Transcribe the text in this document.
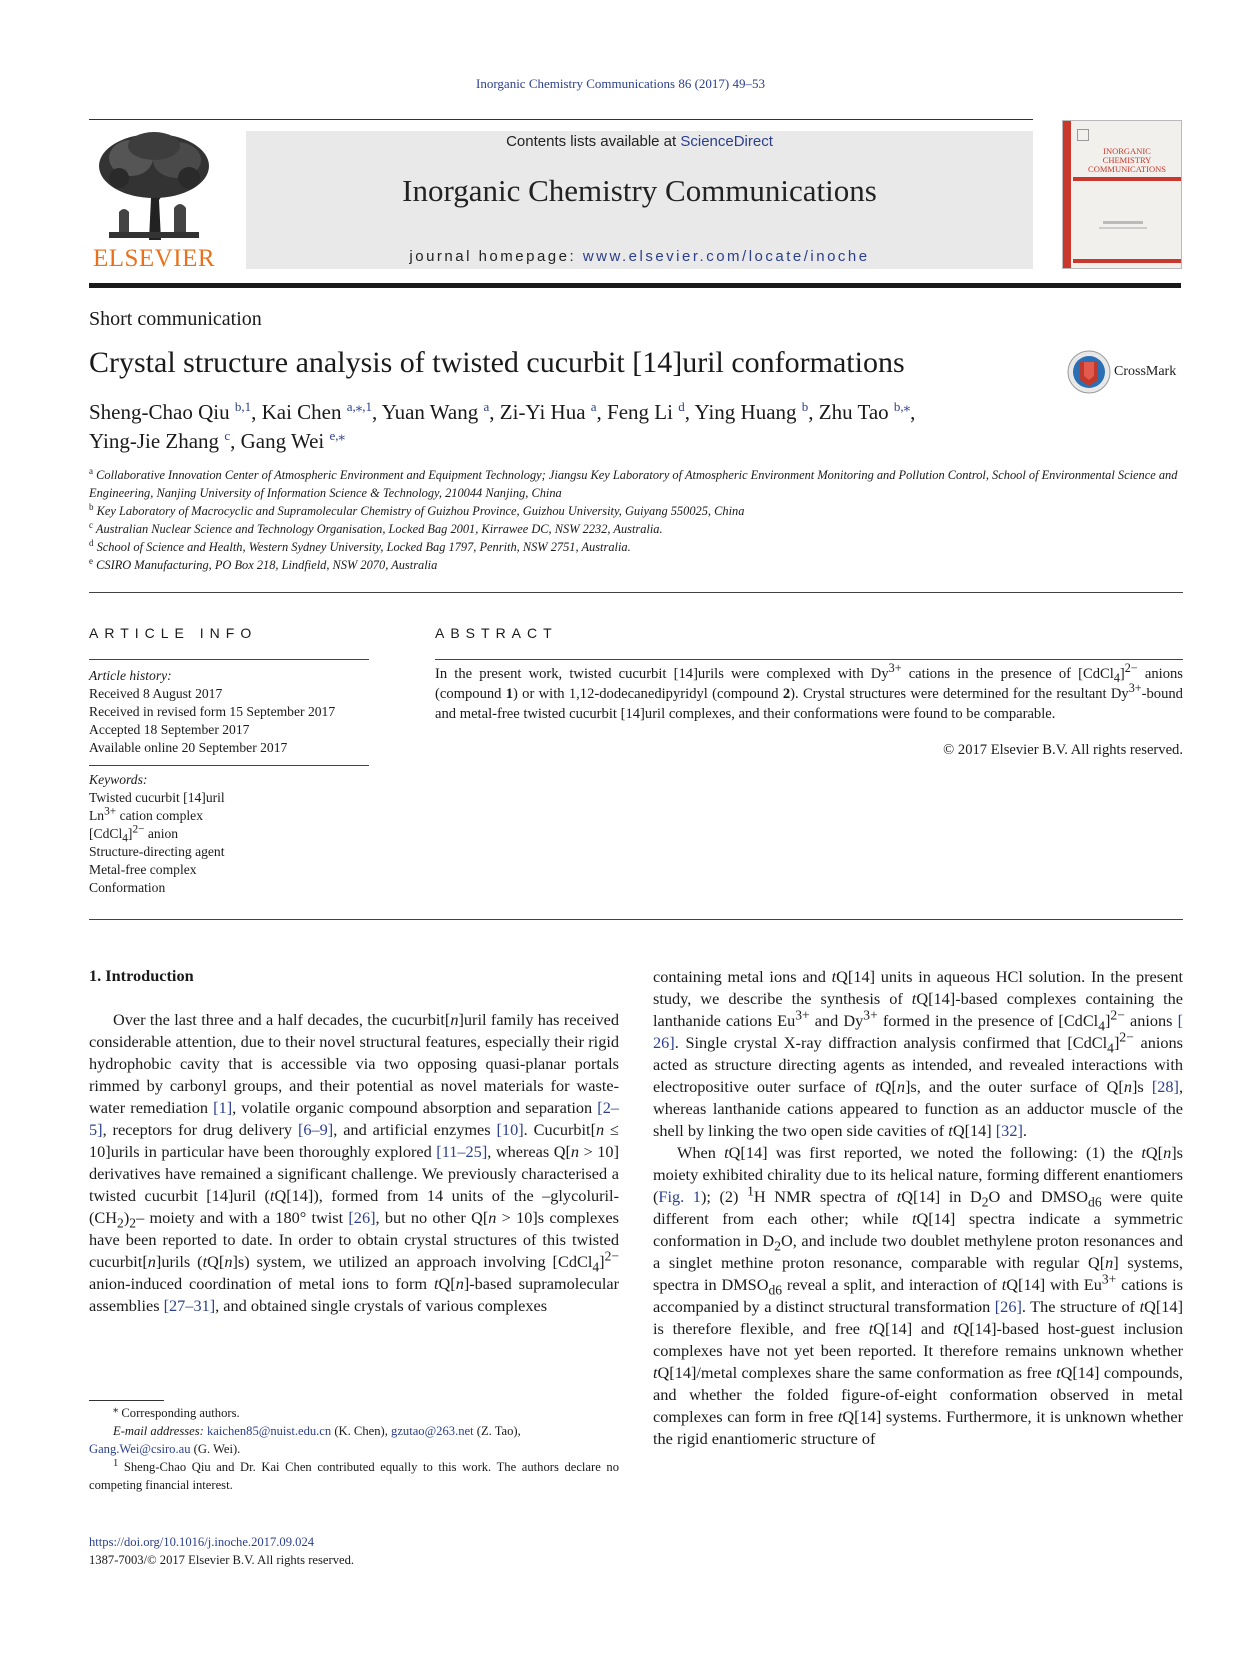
Inorganic Chemistry Communications 86 (2017) 49–53
ELSEVIER
Contents lists available at ScienceDirect
Inorganic Chemistry Communications
journal homepage: www.elsevier.com/locate/inoche
INORGANIC
CHEMISTRY
COMMUNICATIONS
Short communication
Crystal structure analysis of twisted cucurbit [14]uril conformations	CrossMark
Sheng-Chao Qiu $^{b,1}$, Kai Chen $^{a,⁎,1}$, Yuan Wang $^a$, Zi-Yi Hua $^a$, Feng Li $^d$, Ying Huang $^b$, Zhu Tao $^{b,⁎}$,
Ying-Jie Zhang $^c$, Gang Wei $^{e,⁎}$
$^a$ Collaborative Innovation Center of Atmospheric Environment and Equipment Technology; Jiangsu Key Laboratory of Atmospheric Environment Monitoring and Pollution Control, School of Environmental Science and Engineering, Nanjing University of Information Science & Technology, 210044 Nanjing, China
$^b$ Key Laboratory of Macrocyclic and Supramolecular Chemistry of Guizhou Province, Guizhou University, Guiyang 550025, China
$^c$ Australian Nuclear Science and Technology Organisation, Locked Bag 2001, Kirrawee DC, NSW 2232, Australia.
$^d$ School of Science and Health, Western Sydney University, Locked Bag 1797, Penrith, NSW 2751, Australia.
$^e$ CSIRO Manufacturing, PO Box 218, Lindfield, NSW 2070, Australia
ARTICLE INFO
Article history:
Received 8 August 2017
Received in revised form 15 September 2017
Accepted 18 September 2017
Available online 20 September 2017
Keywords:
Twisted cucurbit [14]uril
$Ln^{3+}$ cation complex
[CdCl$_4$]$^{2-}$ anion
Structure-directing agent
Metal-free complex
Conformation
ABSTRACT
In the present work, twisted cucurbit [14]urils were complexed with $Dy^{3+}$ cations in the presence of [CdCl$_4$]$^{2-}$ anions (compound 1) or with 1,12-dodecanedipyridyl (compound 2). Crystal structures were determined for the resultant $Dy^{3+}$-bound and metal-free twisted cucurbit [14]uril complexes, and their conformations were found to be comparable.
© 2017 Elsevier B.V. All rights reserved.
1. Introduction

Over the last three and a half decades, the cucurbit[n]uril family has received considerable attention, due to their novel structural features, especially their rigid hydrophobic cavity that is accessible via two opposing quasi-planar portals rimmed by carbonyl groups, and their potential as novel materials for waste-water remediation [1], volatile organic compound absorption and separation [2–5], receptors for drug delivery [6–9], and artificial enzymes [10]. Cucurbit[n ≤ 10]urils in particular have been thoroughly explored [11–25], whereas Q[n > 10] derivatives have remained a significant challenge. We previously characterised a twisted cucurbit [14]uril (tQ[14]), formed from 14 units of the $-glycoluril-(CH_2)_2-$ moiety and with a 180° twist [26], but no other Q[n > 10]s complexes have been reported to date. In order to obtain crystal structures of this twisted cucurbit[n]urils (tQ[n]s) system, we utilized an approach involving [CdCl$_4$]$^{2-}$ anion-induced coordination of metal ions to form tQ[n]-based supramolecular assemblies [27–31], and obtained single crystals of various complexes

containing metal ions and tQ[14] units in aqueous HCl solution. In the present study, we describe the synthesis of tQ[14]-based complexes containing the lanthanide cations $Eu^{3+}$ and $Dy^{3+}$ formed in the presence of [CdCl$_4$]$^{2-}$ anions [ 26]. Single crystal X-ray diffraction analysis confirmed that [CdCl$_4$]$^{2-}$ anions acted as structure directing agents as intended, and revealed interactions with electropositive outer surface of tQ[n]s, and the outer surface of Q[n]s [28], whereas lanthanide cations appeared to function as an adductor muscle of the shell by linking the two open side cavities of tQ[14] [32].

When tQ[14] was first reported, we noted the following: (1) the tQ[n]s moiety exhibited chirality due to its helical nature, forming different enantiomers (Fig. 1); (2) $^1$H NMR spectra of tQ[14] in $D_2O$ and $DMSO_{d6}$ were quite different from each other; while tQ[14] spectra indicate a symmetric conformation in $D_2O$, and include two doublet methylene proton resonances and a singlet methine proton resonance, comparable with regular Q[n] systems, spectra in $DMSO_{d6}$ reveal a split, and interaction of tQ[14] with $Eu^{3+}$ cations is accompanied by a distinct structural transformation [26]. The structure of tQ[14] is therefore flexible, and free tQ[14] and tQ[14]-based host-guest inclusion complexes have not yet been reported. It therefore remains unknown whether tQ[14]/metal complexes share the same conformation as free tQ[14] compounds, and whether the folded figure-of-eight conformation observed in metal complexes can form in free tQ[14] systems. Furthermore, it is unknown whether the rigid enantiomeric structure of

⁎ Corresponding authors.
E-mail addresses: kaichen85@nuist.edu.cn (K. Chen), gzutao@263.net (Z. Tao), Gang.Wei@csiro.au (G. Wei).
$^1$ Sheng-Chao Qiu and Dr. Kai Chen contributed equally to this work. The authors declare no competing financial interest.
https://doi.org/10.1016/j.inoche.2017.09.024
1387-7003/© 2017 Elsevier B.V. All rights reserved.
